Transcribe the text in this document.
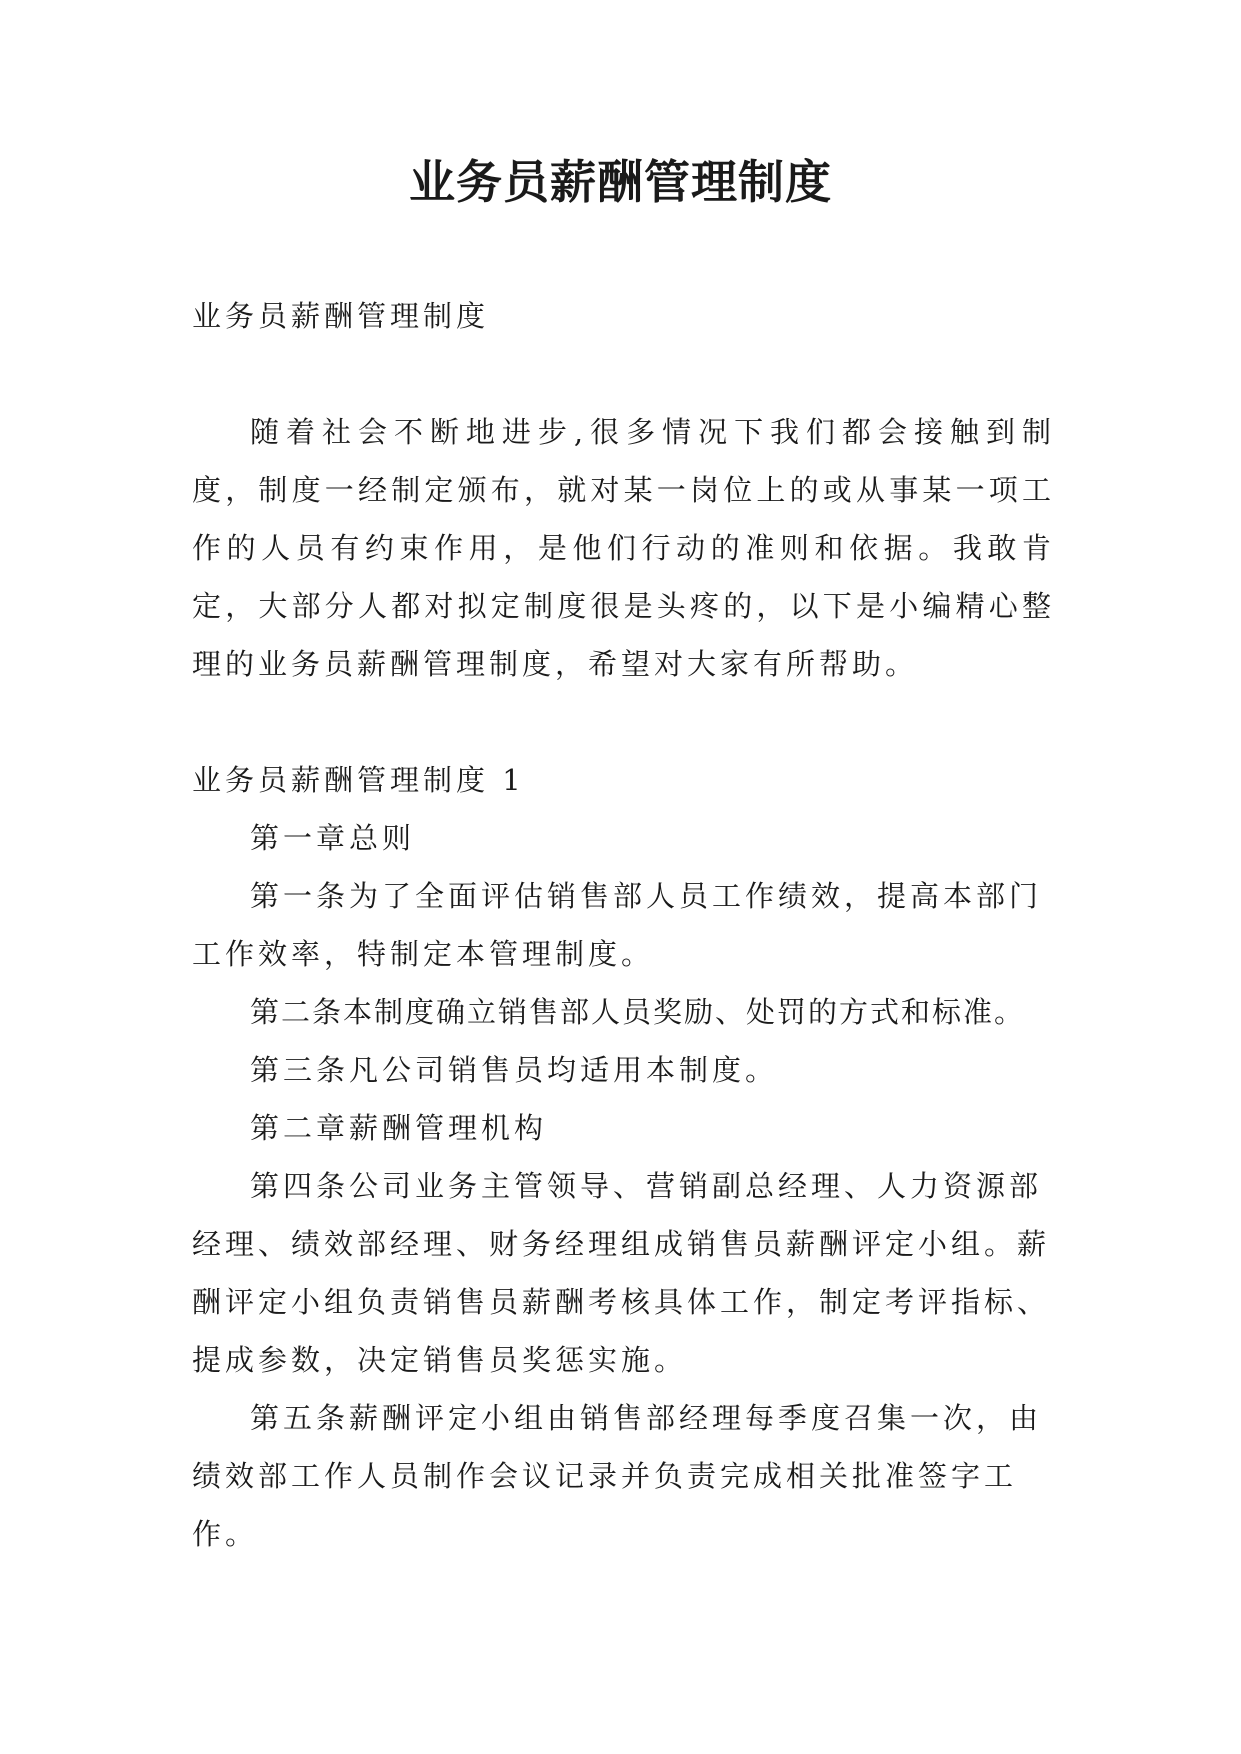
业务员薪酬管理制度

业务员薪酬管理制度

随着社会不断地进步,很多情况下我们都会接触到制度，制度一经制定颁布，就对某一岗位上的或从事某一项工作的人员有约束作用，是他们行动的准则和依据。我敢肯定，大部分人都对拟定制度很是头疼的，以下是小编精心整理的业务员薪酬管理制度，希望对大家有所帮助。

业务员薪酬管理制度 1

第一章总则

第一条为了全面评估销售部人员工作绩效，提高本部门工作效率，特制定本管理制度。

第二条本制度确立销售部人员奖励、处罚的方式和标准。

第三条凡公司销售员均适用本制度。

第二章薪酬管理机构

第四条公司业务主管领导、营销副总经理、人力资源部经理、绩效部经理、财务经理组成销售员薪酬评定小组。薪酬评定小组负责销售员薪酬考核具体工作，制定考评指标、提成参数，决定销售员奖惩实施。

第五条薪酬评定小组由销售部经理每季度召集一次，由绩效部工作人员制作会议记录并负责完成相关批准签字工作。
